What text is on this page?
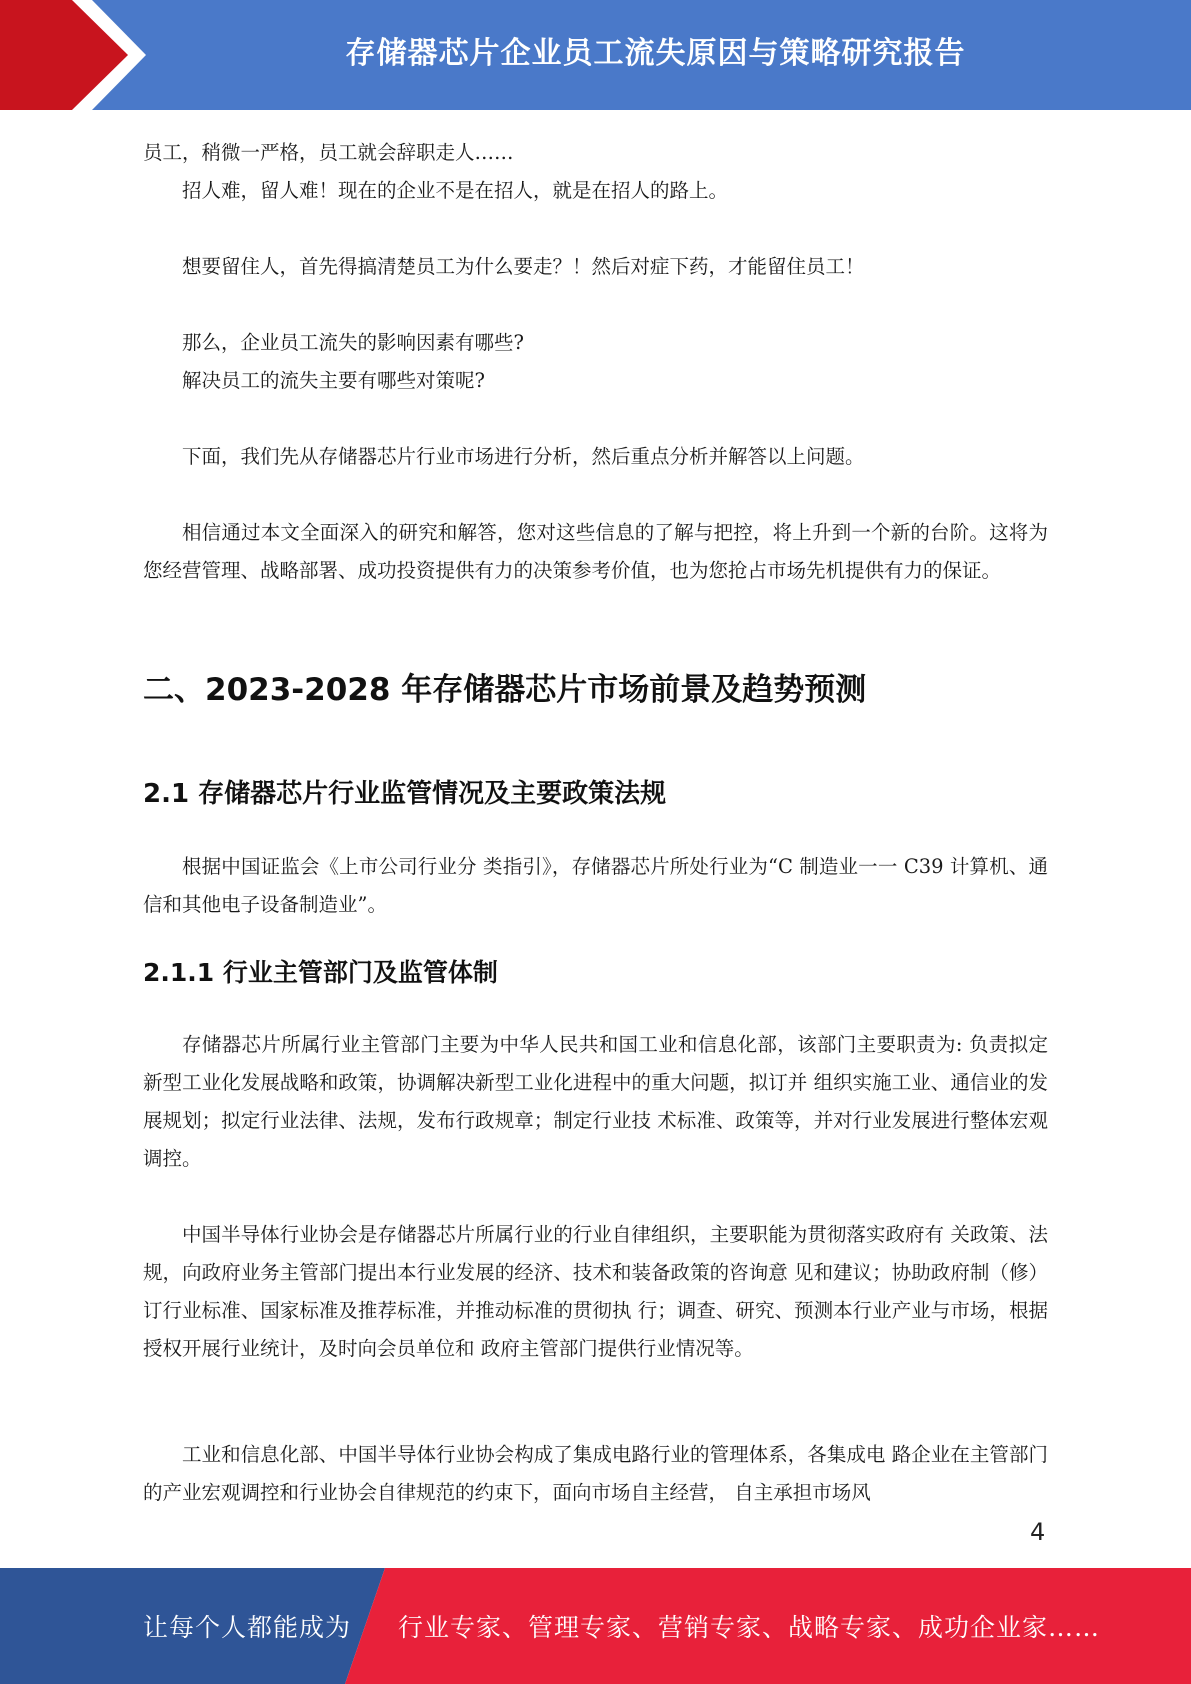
存储器芯片企业员工流失原因与策略研究报告

员工，稍微一严格，员工就会辞职走人……

招人难，留人难！现在的企业不是在招人，就是在招人的路上。

想要留住人，首先得搞清楚员工为什么要走？！然后对症下药，才能留住员工！

那么，企业员工流失的影响因素有哪些?

解决员工的流失主要有哪些对策呢?

下面，我们先从存储器芯片行业市场进行分析，然后重点分析并解答以上问题。

相信通过本文全面深入的研究和解答，您对这些信息的了解与把控，将上升到一个新的台阶。这将为您经营管理、战略部署、成功投资提供有力的决策参考价值，也为您抢占市场先机提供有力的保证。

二、2023-2028 年存储器芯片市场前景及趋势预测
2.1 存储器芯片行业监管情况及主要政策法规

根据中国证监会《上市公司行业分 类指引》，存储器芯片所处行业为“C 制造业一一 C39 计算机、通信和其他电子设备制造业”。

2.1.1 行业主管部门及监管体制

存储器芯片所属行业主管部门主要为中华人民共和国工业和信息化部，该部门主要职责为: 负责拟定新型工业化发展战略和政策，协调解决新型工业化进程中的重大问题，拟订并 组织实施工业、通信业的发展规划；拟定行业法律、法规，发布行政规章；制定行业技 术标准、政策等，并对行业发展进行整体宏观调控。

中国半导体行业协会是存储器芯片所属行业的行业自律组织，主要职能为贯彻落实政府有 关政策、法规，向政府业务主管部门提出本行业发展的经济、技术和装备政策的咨询意 见和建议；协助政府制（修）订行业标准、国家标准及推荐标准，并推动标准的贯彻执 行；调查、研究、预测本行业产业与市场，根据授权开展行业统计，及时向会员单位和 政府主管部门提供行业情况等。

工业和信息化部、中国半导体行业协会构成了集成电路行业的管理体系，各集成电 路企业在主管部门的产业宏观调控和行业协会自律规范的约束下，面向市场自主经营， 自主承担市场风

4
让每个人都能成为 行业专家、管理专家、营销专家、战略专家、成功企业家……
